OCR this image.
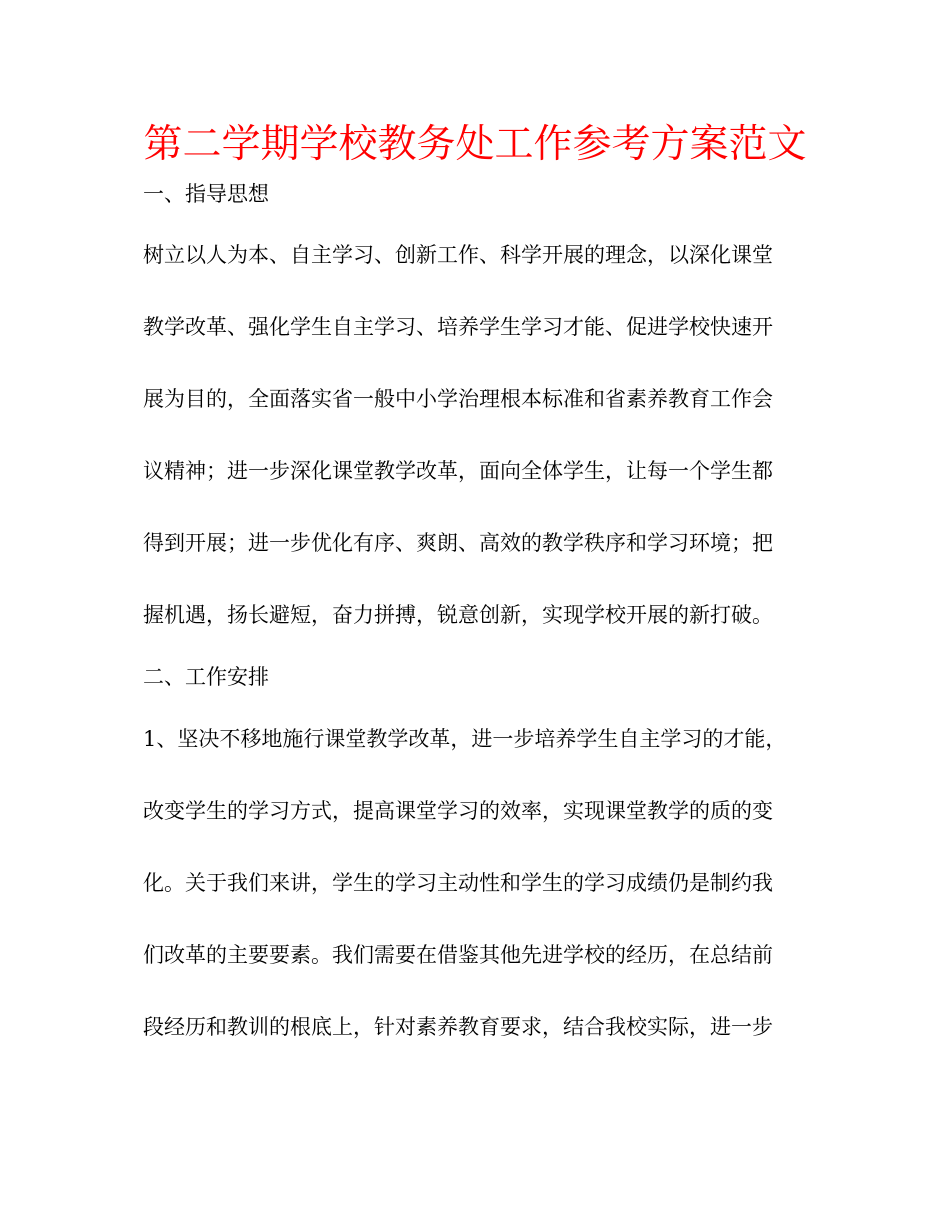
第二学期学校教务处工作参考方案范文
一、指导思想
树立以人为本、自主学习、创新工作、科学开展的理念，以深化课堂
教学改革、强化学生自主学习、培养学生学习才能、促进学校快速开
展为目的，全面落实省一般中小学治理根本标准和省素养教育工作会
议精神；进一步深化课堂教学改革，面向全体学生，让每一个学生都
得到开展；进一步优化有序、爽朗、高效的教学秩序和学习环境；把
握机遇，扬长避短，奋力拼搏，锐意创新，实现学校开展的新打破。
二、工作安排
1、坚决不移地施行课堂教学改革，进一步培养学生自主学习的才能，
改变学生的学习方式，提高课堂学习的效率，实现课堂教学的质的变
化。关于我们来讲，学生的学习主动性和学生的学习成绩仍是制约我
们改革的主要要素。我们需要在借鉴其他先进学校的经历，在总结前
段经历和教训的根底上，针对素养教育要求，结合我校实际，进一步
